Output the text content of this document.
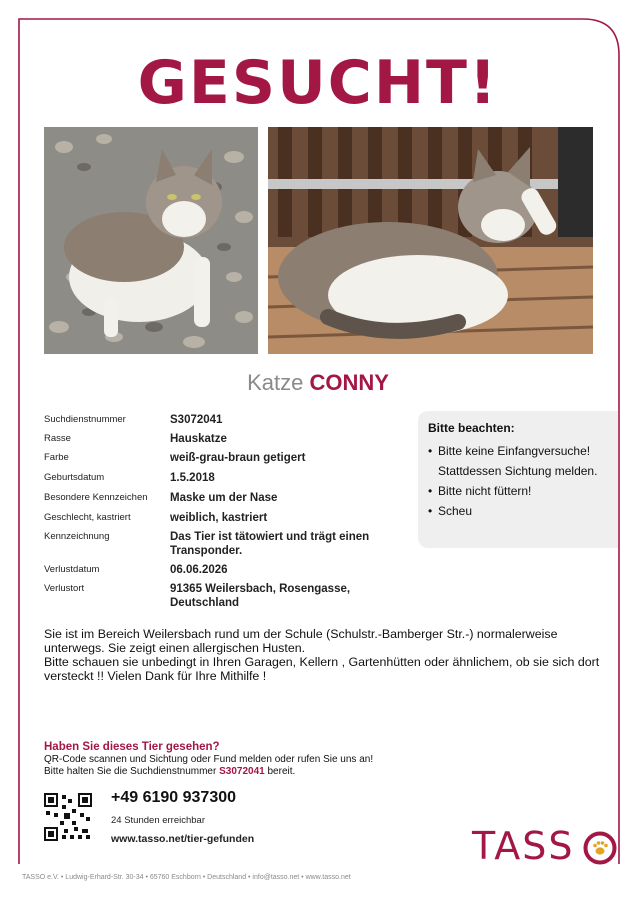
GESUCHT!
Katze CONNY
Suchdienstnummer	S3072041
Rasse	Hauskatze
Farbe	weiß-grau-braun getigert
Geburtsdatum	1.5.2018
Besondere Kennzeichen	Maske um der Nase
Geschlecht, kastriert	weiblich, kastriert
Kennzeichnung	Das Tier ist tätowiert und trägt einen Transponder.
Verlustdatum	06.06.2026
Verlustort	91365 Weilersbach, Rosengasse, Deutschland
Bitte beachten:
• Bitte keine Einfangversuche! Stattdessen Sichtung melden.
• Bitte nicht füttern!
• Scheu

Sie ist im Bereich Weilersbach rund um der Schule (Schulstr.-Bamberger Str.-) normalerweise unterwegs. Sie zeigt einen allergischen Husten.

Bitte schauen sie unbedingt in Ihren Garagen, Kellern , Gartenhütten oder ähnlichem, ob sie sich dort versteckt !! Vielen Dank für Ihre Mithilfe !

Haben Sie dieses Tier gesehen?
QR-Code scannen und Sichtung oder Fund melden oder rufen Sie uns an!
Bitte halten Sie die Suchdienstnummer S3072041 bereit.
+49 6190 937300
24 Stunden erreichbar
www.tasso.net/tier-gefunden	TASS
TASSO e.V. • Ludwig-Erhard-Str. 30-34 • 65760 Eschborn • Deutschland • info@tasso.net • www.tasso.net
